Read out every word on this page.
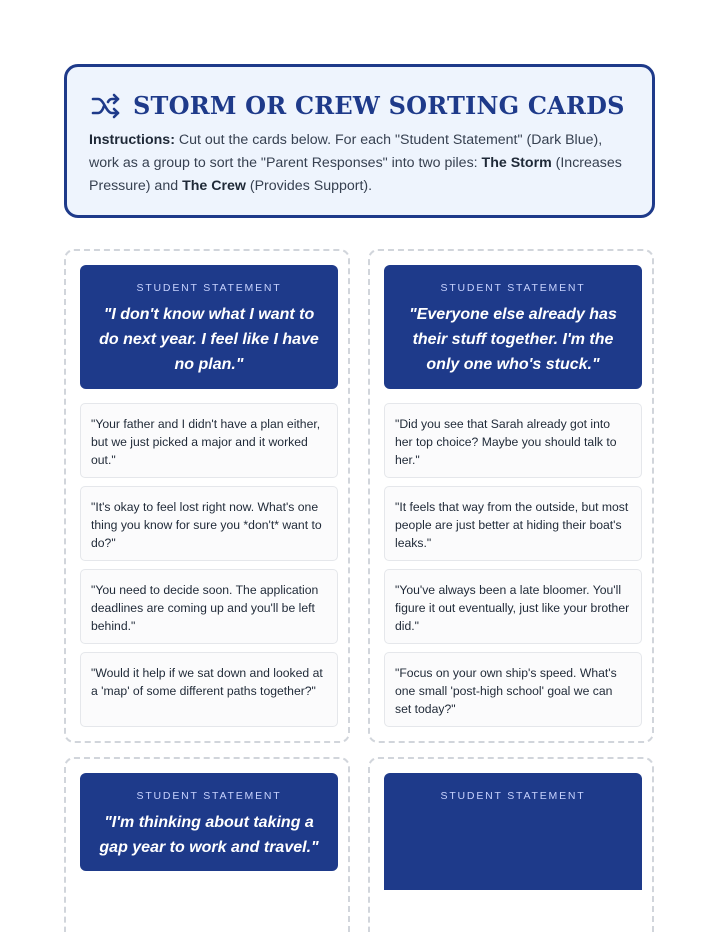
STORM OR CREW SORTING CARDS
Instructions: Cut out the cards below. For each "Student Statement" (Dark Blue), work as a group to sort the "Parent Responses" into two piles: The Storm (Increases Pressure) and The Crew (Provides Support).
STUDENT STATEMENT
"I don't know what I want to do next year. I feel like I have no plan."
"Your father and I didn't have a plan either, but we just picked a major and it worked out."
"It's okay to feel lost right now. What's one thing you know for sure you *don't* want to do?"
"You need to decide soon. The application deadlines are coming up and you'll be left behind."
"Would it help if we sat down and looked at a 'map' of some different paths together?"
STUDENT STATEMENT
"Everyone else already has their stuff together. I'm the only one who's stuck."
"Did you see that Sarah already got into her top choice? Maybe you should talk to her."
"It feels that way from the outside, but most people are just better at hiding their boat's leaks."
"You've always been a late bloomer. You'll figure it out eventually, just like your brother did."
"Focus on your own ship's speed. What's one small 'post-high school' goal we can set today?"
STUDENT STATEMENT
"I'm thinking about taking a gap year to work and travel."
STUDENT STATEMENT
